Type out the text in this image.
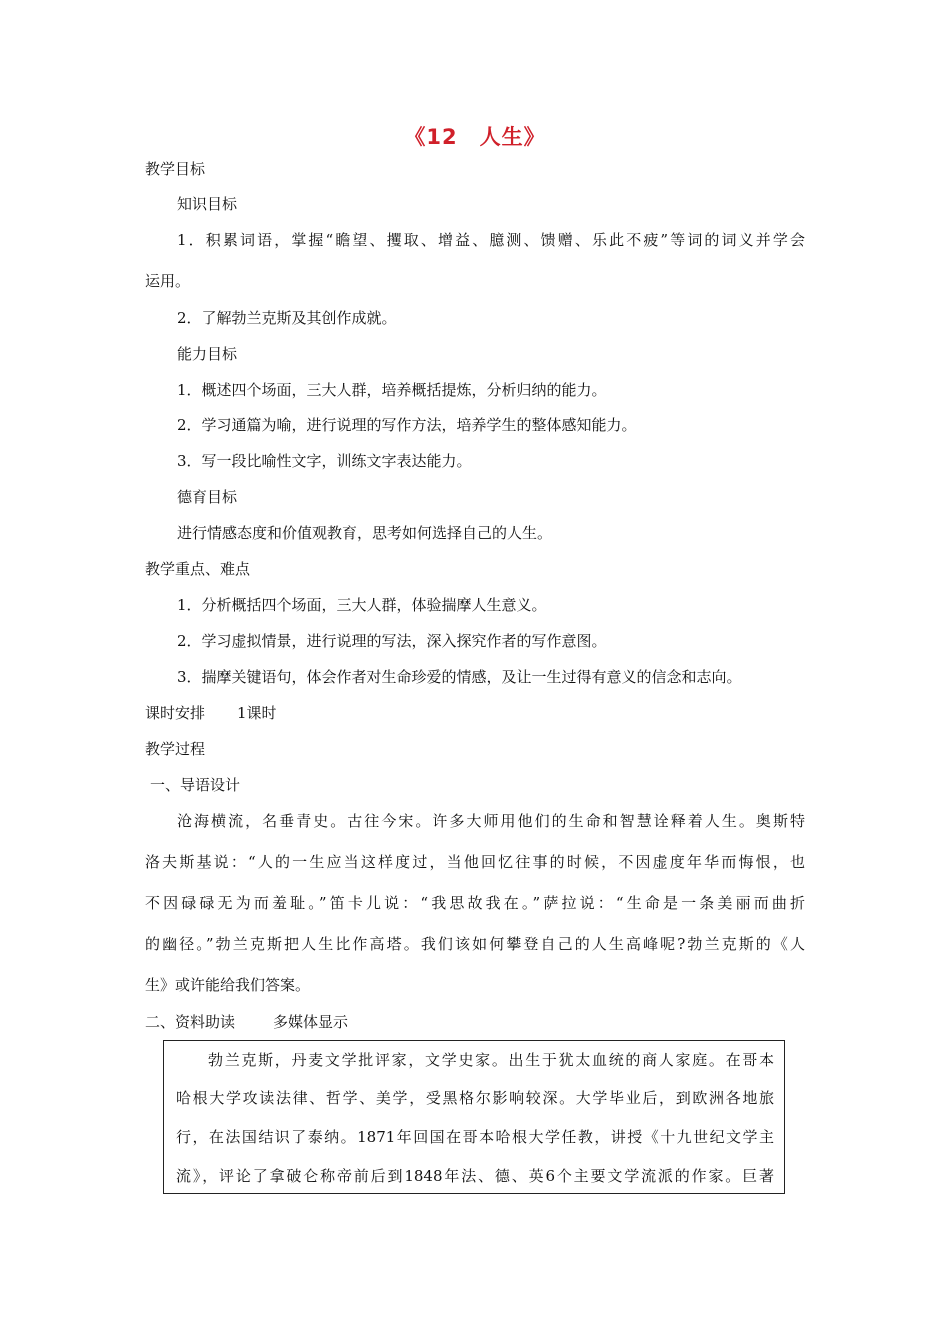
《12　人生》
教学目标
知识目标
1．积累词语，掌握“瞻望、攫取、增益、臆测、馈赠、乐此不疲”等词的词义并学会
运用。
2．了解勃兰克斯及其创作成就。
能力目标
1．概述四个场面，三大人群，培养概括提炼，分析归纳的能力。
2．学习通篇为喻，进行说理的写作方法，培养学生的整体感知能力。
3．写一段比喻性文字，训练文字表达能力。
德育目标
进行情感态度和价值观教育，思考如何选择自己的人生。
教学重点、难点
1．分析概括四个场面，三大人群，体验揣摩人生意义。
2．学习虚拟情景，进行说理的写法，深入探究作者的写作意图。
3．揣摩关键语句，体会作者对生命珍爱的情感，及让一生过得有意义的信念和志向。
课时安排 1课时
教学过程
一、导语设计
沧海横流，名垂青史。古往今宋。许多大师用他们的生命和智慧诠释着人生。奥斯特
洛夫斯基说：“人的一生应当这样度过，当他回忆往事的时候，不因虚度年华而悔恨，也
不因碌碌无为而羞耻。”笛卡儿说：“我思故我在。”萨拉说：“生命是一条美丽而曲折
的幽径。”勃兰克斯把人生比作高塔。我们该如何攀登自己的人生高峰呢?勃兰克斯的《人
生》或许能给我们答案。
二、资料助读	多媒体显示
勃兰克斯，丹麦文学批评家，文学史家。出生于犹太血统的商人家庭。在哥本
哈根大学攻读法律、哲学、美学，受黑格尔影响较深。大学毕业后，到欧洲各地旅
行，在法国结识了泰纳。1871年回国在哥本哈根大学任教，讲授《十九世纪文学主
流》，评论了拿破仑称帝前后到1848年法、德、英6个主要文学流派的作家。巨著
